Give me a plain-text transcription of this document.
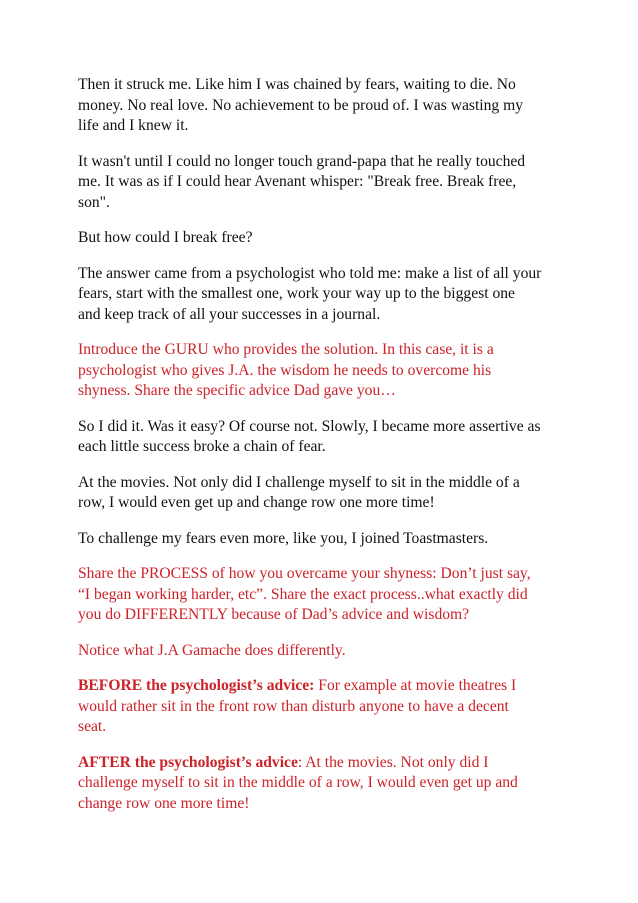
Then it struck me. Like him I was chained by fears, waiting to die. No
money. No real love. No achievement to be proud of. I was wasting my
life and I knew it.

It wasn't until I could no longer touch grand-papa that he really touched
me. It was as if I could hear Avenant whisper: "Break free. Break free,
son".

But how could I break free?

The answer came from a psychologist who told me: make a list of all your
fears, start with the smallest one, work your way up to the biggest one
and keep track of all your successes in a journal.

Introduce the GURU who provides the solution. In this case, it is a
psychologist who gives J.A. the wisdom he needs to overcome his
shyness. Share the specific advice Dad gave you…

So I did it. Was it easy? Of course not. Slowly, I became more assertive as
each little success broke a chain of fear.

At the movies. Not only did I challenge myself to sit in the middle of a
row, I would even get up and change row one more time!

To challenge my fears even more, like you, I joined Toastmasters.

Share the PROCESS of how you overcame your shyness: Don’t just say,
“I began working harder, etc”. Share the exact process..what exactly did
you do DIFFERENTLY because of Dad’s advice and wisdom?

Notice what J.A Gamache does differently.

BEFORE the psychologist’s advice: For example at movie theatres I
would rather sit in the front row than disturb anyone to have a decent
seat.

AFTER the psychologist’s advice: At the movies. Not only did I
challenge myself to sit in the middle of a row, I would even get up and
change row one more time!
